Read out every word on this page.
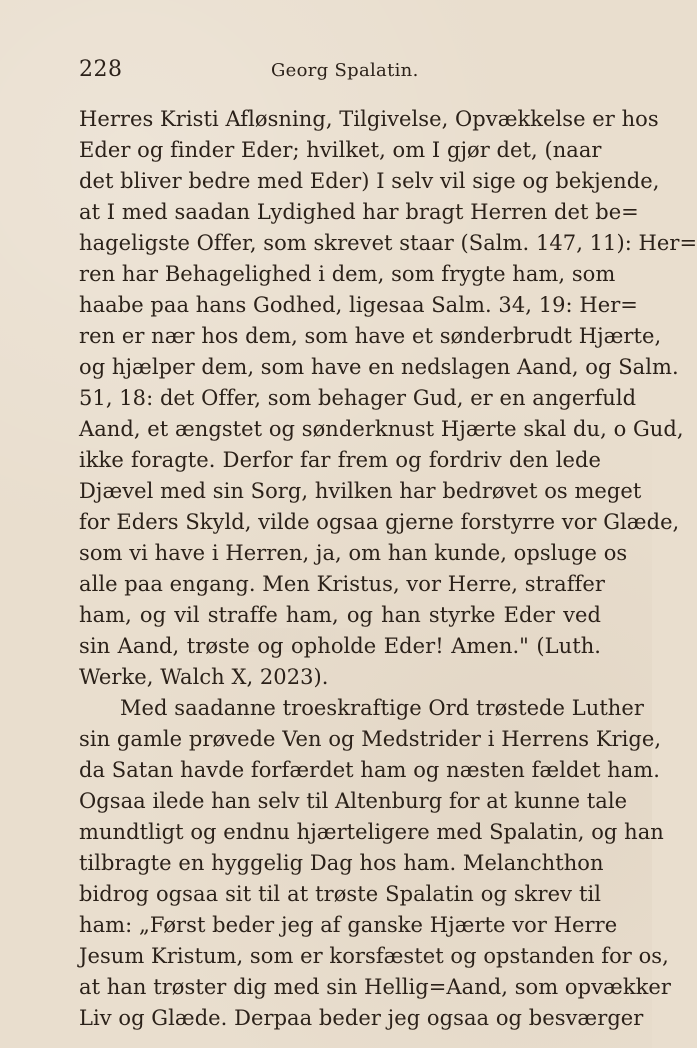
228	Georg Spalatin.
Herres Kristi Afløsning, Tilgivelse, Opvækkelse er hos
Eder og finder Eder; hvilket, om I gjør det, (naar
det bliver bedre med Eder) I selv vil sige og bekjende,
at I med saadan Lydighed har bragt Herren det be=
hageligste Offer, som skrevet staar (Salm. 147, 11): Her=
ren har Behagelighed i dem, som frygte ham, som
haabe paa hans Godhed, ligesaa Salm. 34, 19: Her=
ren er nær hos dem, som have et sønderbrudt Hjærte,
og hjælper dem, som have en nedslagen Aand, og Salm.
51, 18: det Offer, som behager Gud, er en angerfuld
Aand, et ængstet og sønderknust Hjærte skal du, o Gud,
ikke foragte. Derfor far frem og fordriv den lede
Djævel med sin Sorg, hvilken har bedrøvet os meget
for Eders Skyld, vilde ogsaa gjerne forstyrre vor Glæde,
som vi have i Herren, ja, om han kunde, opsluge os
alle paa engang. Men Kristus, vor Herre, straffer
ham, og vil straffe ham, og han styrke Eder ved
sin Aand, trøste og opholde Eder! Amen." (Luth.
Werke, Walch X, 2023).
Med saadanne troeskraftige Ord trøstede Luther
sin gamle prøvede Ven og Medstrider i Herrens Krige,
da Satan havde forfærdet ham og næsten fældet ham.
Ogsaa ilede han selv til Altenburg for at kunne tale
mundtligt og endnu hjærteligere med Spalatin, og han
tilbragte en hyggelig Dag hos ham. Melanchthon
bidrog ogsaa sit til at trøste Spalatin og skrev til
ham: „Først beder jeg af ganske Hjærte vor Herre
Jesum Kristum, som er korsfæstet og opstanden for os,
at han trøster dig med sin Hellig=Aand, som opvækker
Liv og Glæde. Derpaa beder jeg ogsaa og besværger
